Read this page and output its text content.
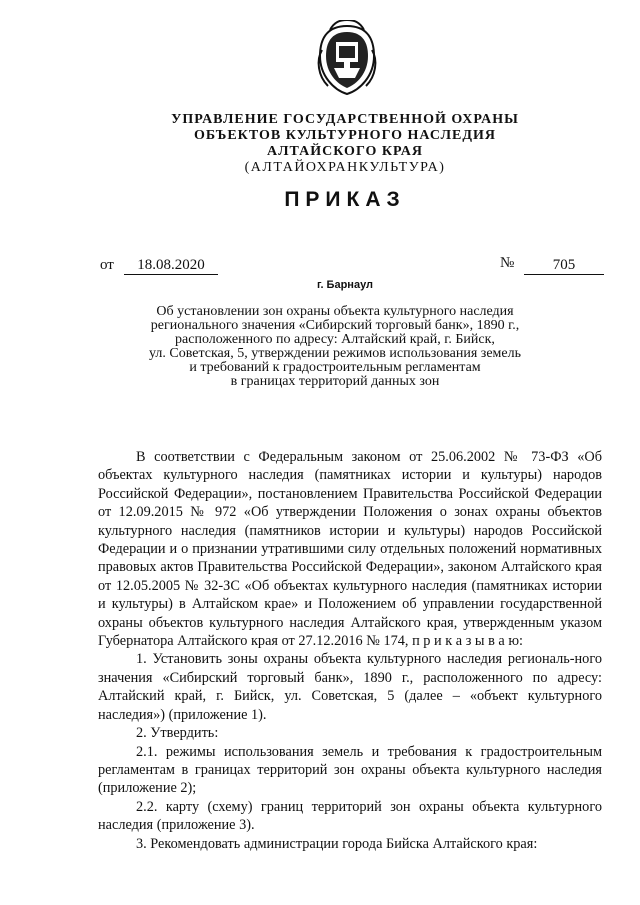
УПРАВЛЕНИЕ ГОСУДАРСТВЕННОЙ ОХРАНЫ
ОБЪЕКТОВ КУЛЬТУРНОГО НАСЛЕДИЯ
АЛТАЙСКОГО КРАЯ
(АЛТАЙОХРАНКУЛЬТУРА)
ПРИКАЗ
от	18.08.2020	№	705
г. Барнаул
Об установлении зон охраны объекта культурного наследия
регионального значения «Сибирский торговый банк», 1890 г.,
расположенного по адресу: Алтайский край, г. Бийск,
ул. Советская, 5, утверждении режимов использования земель
и требований к градостроительным регламентам
в границах территорий данных зон

В соответствии с Федеральным законом от 25.06.2002 № 73-ФЗ «Об объектах культурного наследия (памятниках истории и культуры) народов Российской Федерации», постановлением Правительства Российской Федерации от 12.09.2015 № 972 «Об утверждении Положения о зонах охраны объектов культурного наследия (памятников истории и культуры) народов Российской Федерации и о признании утратившими силу отдельных положений нормативных правовых актов Правительства Российской Федерации», законом Алтайского края от 12.05.2005 № 32-ЗС «Об объектах культурного наследия (памятниках истории и культуры) в Алтайском крае» и Положением об управлении государственной охраны объектов культурного наследия Алтайского края, утвержденным указом Губернатора Алтайского края от 27.12.2016 № 174, п р и к а з ы в а ю:

1. Установить зоны охраны объекта культурного наследия региональ-ного значения «Сибирский торговый банк», 1890 г., расположенного по адресу: Алтайский край, г. Бийск, ул. Советская, 5 (далее – «объект культурного наследия») (приложение 1).

2. Утвердить:

2.1. режимы использования земель и требования к градостроительным регламентам в границах территорий зон охраны объекта культурного наследия (приложение 2);

2.2. карту (схему) границ территорий зон охраны объекта культурного наследия (приложение 3).

3. Рекомендовать администрации города Бийска Алтайского края:
